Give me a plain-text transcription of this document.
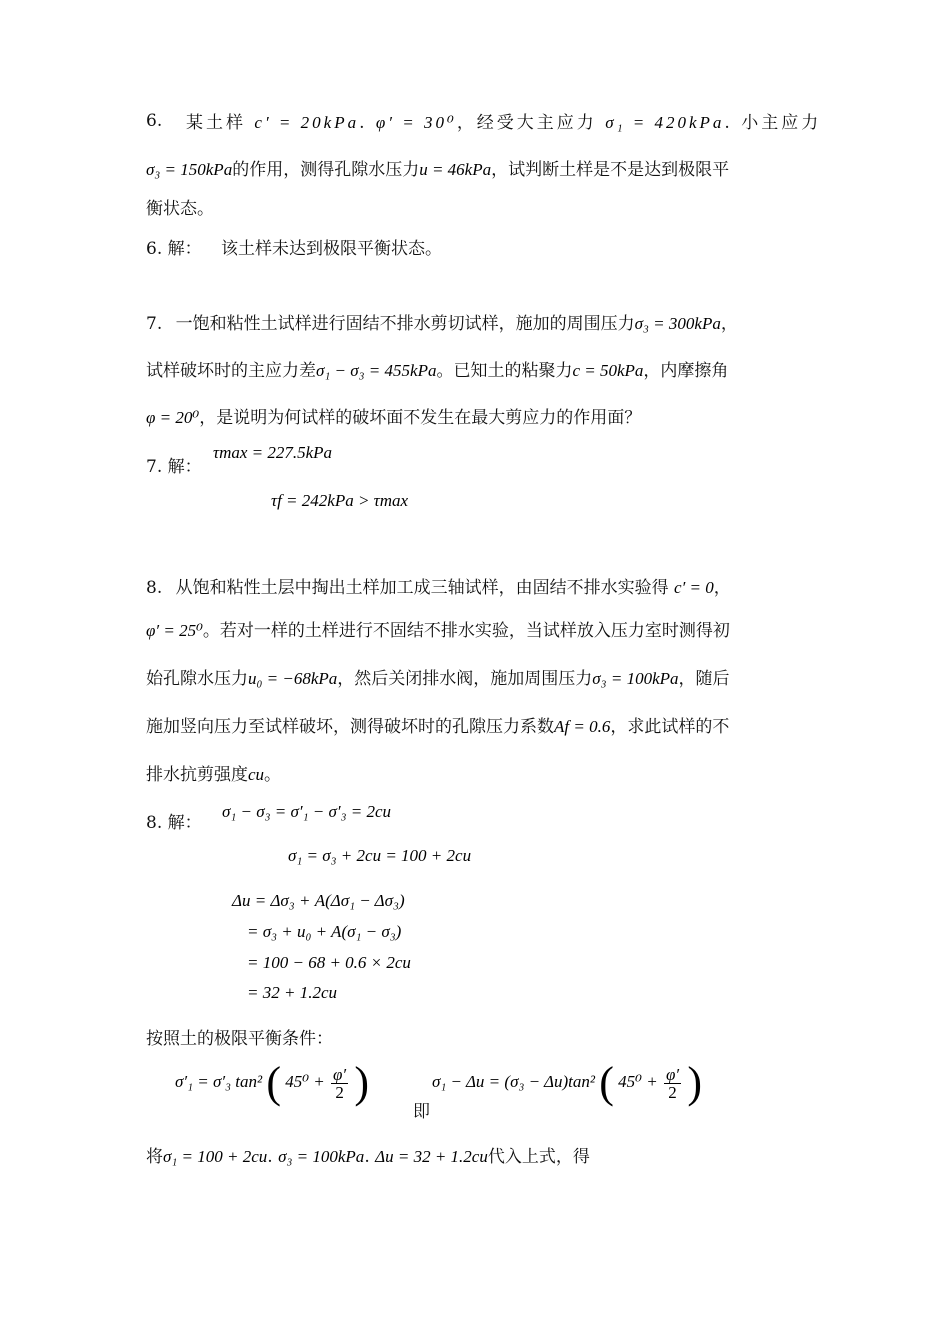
6. 某土样 c′ = 20kPa. φ′ = 30⁰，经受大主应力 σ₁ = 420kPa. 小主应力
σ₃ = 150kPa的作用，测得孔隙水压力u = 46kPa，试判断土样是不是达到极限平
衡状态。
6. 解： 该土样未达到极限平衡状态。
7. 一饱和粘性土试样进行固结不排水剪切试样，施加的周围压力σ₃ = 300kPa，
试样破坏时的主应力差σ₁ − σ₃ = 455kPa。已知土的粘聚力c = 50kPa，内摩擦角
φ = 20⁰，是说明为何试样的破坏面不发生在最大剪应力的作用面？
7. 解：
τmax = 227.5kPa
τf = 242kPa > τmax
8. 从饱和粘性土层中掏出土样加工成三轴试样，由固结不排水实验得 c′ = 0，
φ′ = 25⁰。若对一样的土样进行不固结不排水实验，当试样放入压力室时测得初
始孔隙水压力u₀ = −68kPa，然后关闭排水阀，施加周围压力σ₃ = 100kPa，随后
施加竖向压力至试样破坏，测得破坏时的孔隙压力系数Af = 0.6，求此试样的不
排水抗剪强度cu。
8. 解：
σ₁ − σ₃ = σ′₁ − σ′₃ = 2cu
σ₁ = σ₃ + 2cu = 100 + 2cu
Δu = Δσ₃ + A(Δσ₁ − Δσ₃)
= σ₃ + u₀ + A(σ₁ − σ₃)
= 100 − 68 + 0.6 × 2cu
= 32 + 1.2cu
按照土的极限平衡条件：
σ′₁ = σ′₃ tan² ( $45^0 + \frac{\varphi'}{2}$ )
即
σ₁ − Δu = (σ₃ − Δu)tan² ( $45^0 + \frac{\varphi'}{2}$ )
将σ₁ = 100 + 2cu. σ₃ = 100kPa. Δu = 32 + 1.2cu代入上式，得
